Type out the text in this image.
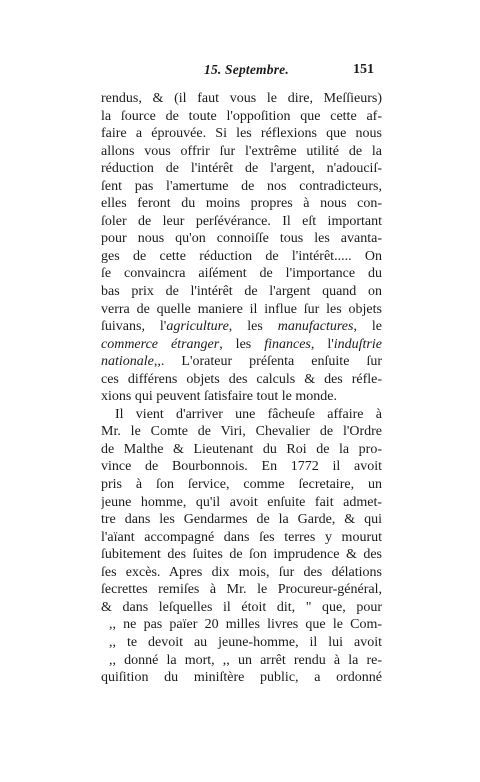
15. Septembre.	151
rendus, & (il faut vous le dire, Meſſieurs)
la ſource de toute l'oppoſition que cette af-
faire a éprouvée. Si les réflexions que nous
allons vous offrir ſur l'extrême utilité de la
réduction de l'intérêt de l'argent, n'adouciſ-
ſent pas l'amertume de nos contradicteurs,
elles feront du moins propres à nous con-
ſoler de leur perſévérance. Il eſt important
pour nous qu'on connoiſſe tous les avanta-
ges de cette réduction de l'intérêt..... On
ſe convaincra aiſément de l'importance du
bas prix de l'intérêt de l'argent quand on
verra de quelle maniere il influe ſur les objets
ſuivans, l'agriculture, les manufactures, le
commerce étranger, les finances, l'induſtrie
nationale,,. L'orateur préſenta enſuite ſur
ces différens objets des calculs & des réfle-
xions qui peuvent ſatisfaire tout le monde.
Il vient d'arriver une fâcheuſe affaire à
Mr. le Comte de Viri, Chevalier de l'Ordre
de Malthe & Lieutenant du Roi de la pro-
vince de Bourbonnois. En 1772 il avoit
pris à ſon ſervice, comme ſecretaire, un
jeune homme, qu'il avoit enſuite fait admet-
tre dans les Gendarmes de la Garde, & qui
l'aïant accompagné dans ſes terres y mourut
ſubitement des ſuites de ſon imprudence & des
ſes excès. Apres dix mois, ſur des délations
ſecrettes remiſes à Mr. le Procureur-général,
& dans leſquelles il étoit dit, " que, pour
,, ne pas païer 20 milles livres que le Com-
,, te devoit au jeune-homme, il lui avoit
,, donné la mort, ,, un arrêt rendu à la re-
quiſition du miniſtère public, a ordonné
